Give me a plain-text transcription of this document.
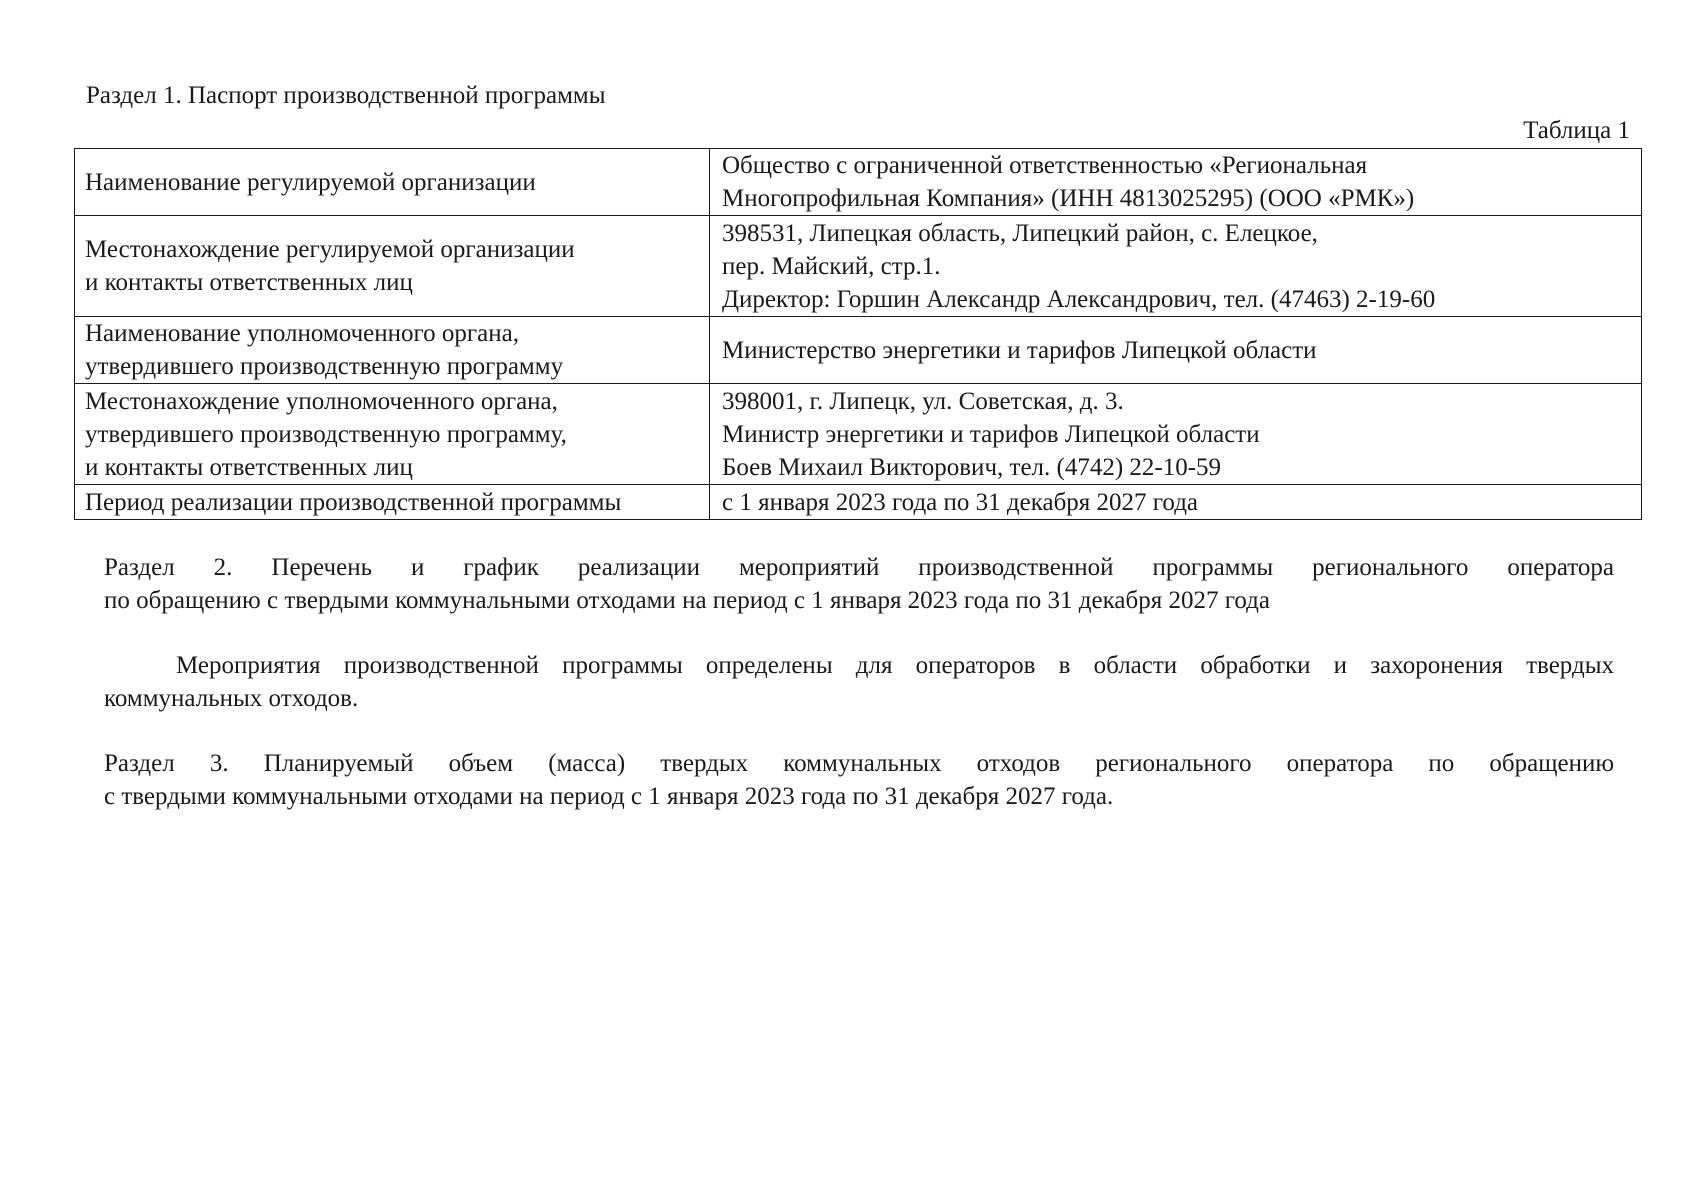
Раздел 1. Паспорт производственной программы
Таблица 1
Наименование регулируемой организации	Общество с ограниченной ответственностью «Региональная
Многопрофильная Компания» (ИНН 4813025295) (ООО «РМК»)

Местонахождение регулируемой организации
и контакты ответственных лиц	398531, Липецкая область, Липецкий район, с. Елецкое,
пер. Майский, стр.1.
Директор: Горшин Александр Александрович, тел. (47463) 2-19-60

Наименование уполномоченного органа,
утвердившего производственную программу	Министерство энергетики и тарифов Липецкой области

Местонахождение уполномоченного органа,
утвердившего производственную программу,
и контакты ответственных лиц	398001, г. Липецк, ул. Советская, д. 3.
Министр энергетики и тарифов Липецкой области
Боев Михаил Викторович, тел. (4742) 22-10-59

Период реализации производственной программы	с 1 января 2023 года по 31 декабря 2027 года
Раздел 2. Перечень и график реализации мероприятий производственной программы регионального оператора
по обращению с твердыми коммунальными отходами на период с 1 января 2023 года по 31 декабря 2027 года
Мероприятия производственной программы определены для операторов в области обработки и захоронения твердых
коммунальных отходов.
Раздел 3. Планируемый объем (масса) твердых коммунальных отходов регионального оператора по обращению
с твердыми коммунальными отходами на период с 1 января 2023 года по 31 декабря 2027 года.
